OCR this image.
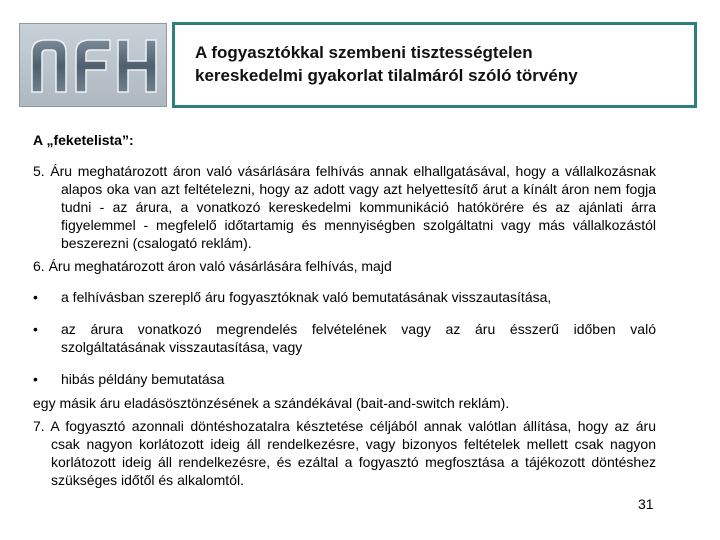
A fogyasztókkal szembeni tisztességtelen
kereskedelmi gyakorlat tilalmáról szóló törvény
A „feketelista”:

5. Áru meghatározott áron való vásárlására felhívás annak elhallgatásával, hogy a vállalkozásnak alapos oka van azt feltételezni, hogy az adott vagy azt helyettesítő árut a kínált áron nem fogja tudni - az árura, a vonatkozó kereskedelmi kommunikáció hatókörére és az ajánlati árra figyelemmel - megfelelő időtartamig és mennyiségben szolgáltatni vagy más vállalkozástól beszerezni (csalogató reklám).

6. Áru meghatározott áron való vásárlására felhívás, majd

• a felhívásban szereplő áru fogyasztóknak való bemutatásának visszautasítása,
• az árura vonatkozó megrendelés felvételének vagy az áru ésszerű időben való szolgáltatásának visszautasítása, vagy
• hibás példány bemutatása

egy másik áru eladásösztönzésének a szándékával (bait-and-switch reklám).

7. A fogyasztó azonnali döntéshozatalra késztetése céljából annak valótlan állítása, hogy az áru csak nagyon korlátozott ideig áll rendelkezésre, vagy bizonyos feltételek mellett csak nagyon korlátozott ideig áll rendelkezésre, és ezáltal a fogyasztó megfosztása a tájékozott döntéshez szükséges időtől és alkalomtól.

31
